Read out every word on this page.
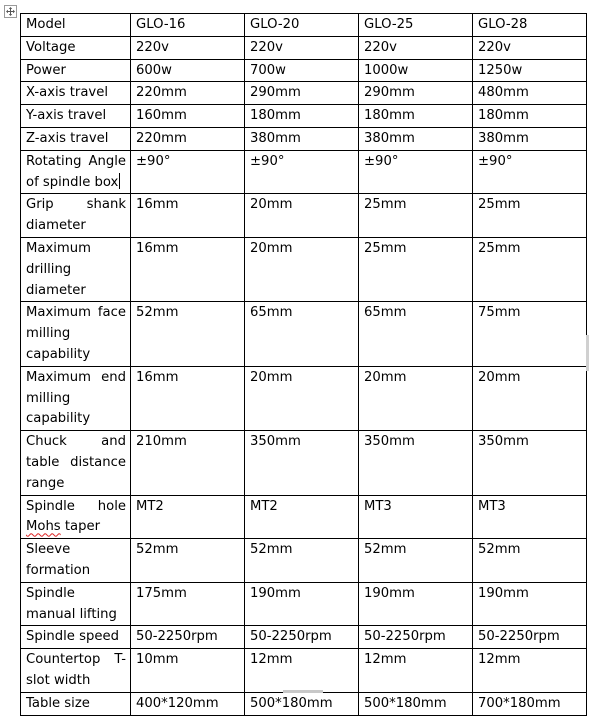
Model	GLO-16	GLO-20	GLO-25	GLO-28
Voltage	220v	220v	220v	220v
Power	600w	700w	1000w	1250w
X-axis travel	220mm	290mm	290mm	480mm
Y-axis travel	160mm	180mm	180mm	180mm
Z-axis travel	220mm	380mm	380mm	380mm
Rotating Angle of spindle box	±90°	±90°	±90°	±90°
Grip shank diameter	16mm	20mm	25mm	25mm
Maximum drilling diameter	16mm	20mm	25mm	25mm
Maximum face milling capability	52mm	65mm	65mm	75mm
Maximum end milling capability	16mm	20mm	20mm	20mm
Chuck and table distance range	210mm	350mm	350mm	350mm
Spindle hole Mohs taper	MT2	MT2	MT3	MT3
Sleeve formation	52mm	52mm	52mm	52mm
Spindle manual lifting	175mm	190mm	190mm	190mm
Spindle speed	50-2250rpm	50-2250rpm	50-2250rpm	50-2250rpm
Countertop T-slot width	10mm	12mm	12mm	12mm
Table size	400*120mm	500*180mm	500*180mm	700*180mm
